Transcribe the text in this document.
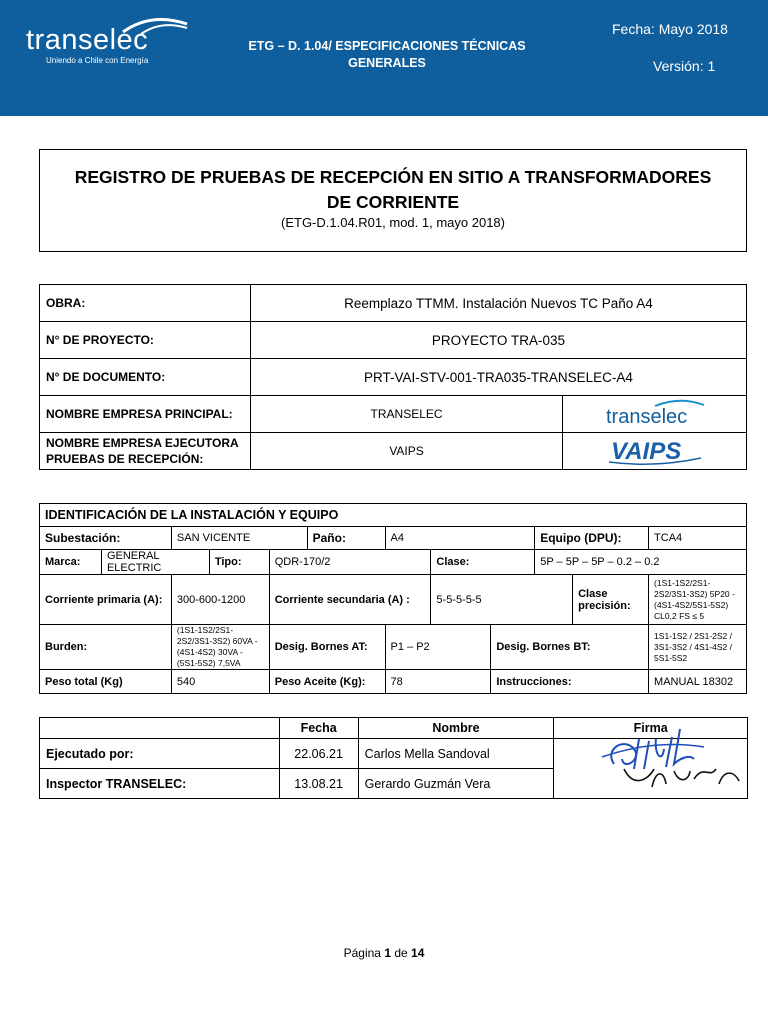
transelec
Uniendo a Chile con Energía
ETG – D. 1.04/ ESPECIFICACIONES TÉCNICAS GENERALES
Fecha: Mayo 2018
Versión: 1
REGISTRO DE PRUEBAS DE RECEPCIÓN EN SITIO A TRANSFORMADORES DE CORRIENTE
(ETG-D.1.04.R01, mod. 1, mayo 2018)
OBRA:	Reemplazo TTMM. Instalación Nuevos TC Paño A4	
N° DE PROYECTO:	PROYECTO TRA-035	
N° DE DOCUMENTO:	PRT-VAI-STV-001-TRA035-TRANSELEC-A4	
NOMBRE EMPRESA PRINCIPAL:	TRANSELEC	transelec

NOMBRE EMPRESA EJECUTORA PRUEBAS DE RECEPCIÓN:	VAIPS	VAIPS
IDENTIFICACIÓN DE LA INSTALACIÓN Y EQUIPO											
Subestación:		SAN VICENTE			Paño:	A4			Equipo (DPU):		TCA4
Marca:	GENERAL ELECTRIC		Tipo:	QDR-170/2			Clase:		5P – 5P – 5P – 0.2 – 0.2		
Corriente primaria (A):		300-600-1200		Corriente secundaria (A) :			5-5-5-5-5			Clase precisión:	(1S1-1S2/2S1-2S2/3S1-3S2) 5P20 - (4S1-4S2/5S1-5S2) CL0,2 FS ≤ 5
Burden:		(1S1-1S2/2S1-2S2/3S1-3S2) 60VA - (4S1-4S2) 30VA - (5S1-5S2) 7,5VA		Desig. Bornes AT:		P1 – P2		Desig. Bornes BT:			1S1-1S2 / 2S1-2S2 / 3S1-3S2 / 4S1-4S2 / 5S1-5S2
Peso total (Kg)		540		Peso Aceite (Kg):		78		Instrucciones:			MANUAL 18302
	Fecha	Nombre	Firma
Ejecutado por:	22.06.21	Carlos Mella Sandoval	

Inspector TRANSELEC:	13.08.21	Gerardo Guzmán Vera	
Página 1 de 14
